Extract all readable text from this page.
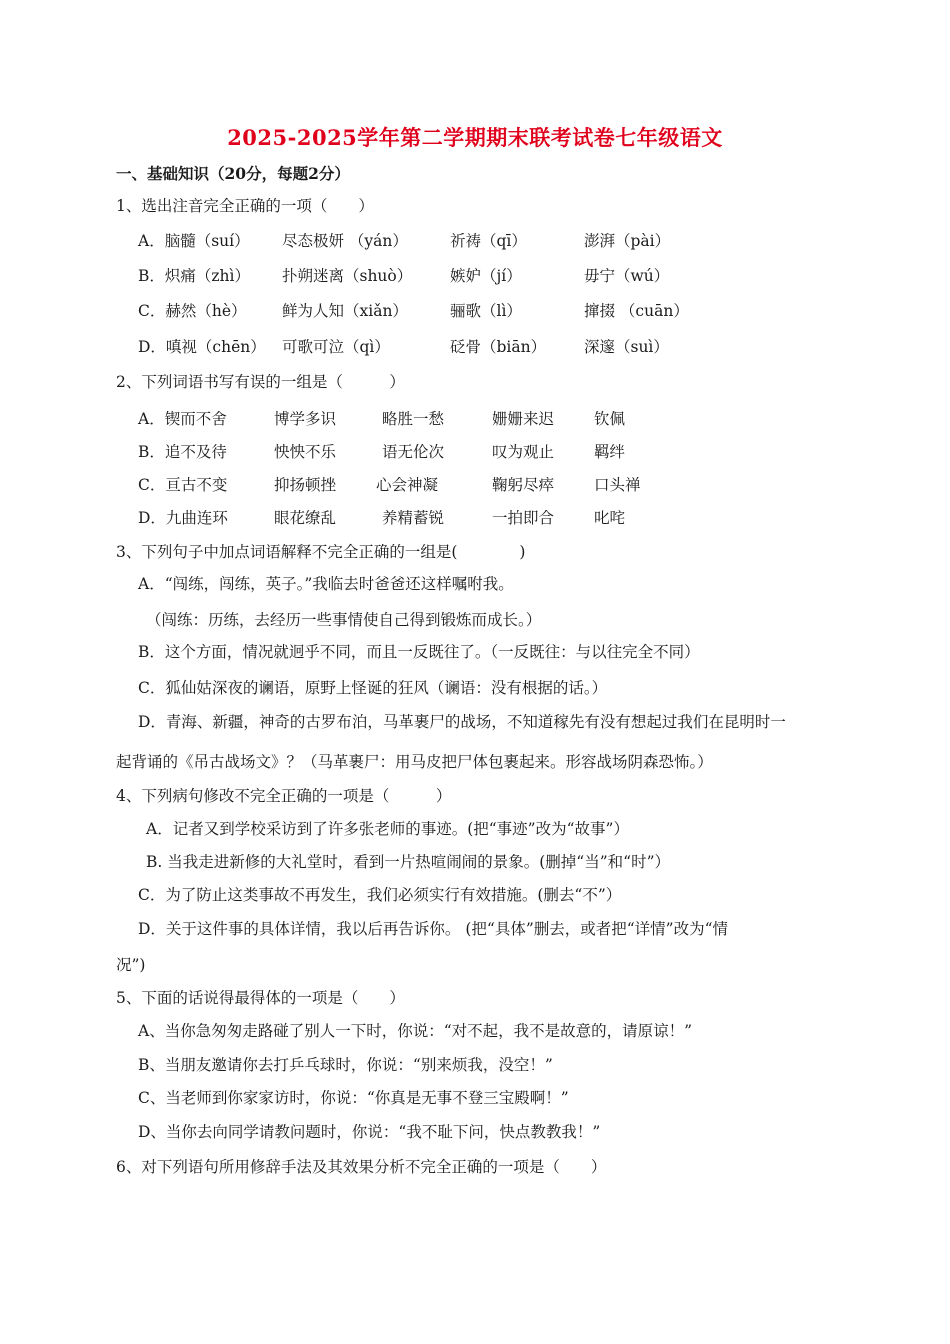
2025-2025学年第二学期期末联考试卷七年级语文
一、基础知识（20分，每题2分）
1、选出注音完全正确的一项（　　）
A．脑髓（suí） 尽态极妍 （yán）	祈祷（qī）	澎湃（pài）
B．炽痛（zhì） 扑朔迷离（shuò） 嫉妒（jí）	毋宁（wú）
C．赫然（hè） 鲜为人知（xiǎn）	骊歌（lì）	撺掇 （cuān）
D．嗔视（chēn） 可歌可泣（qì）	砭骨（biān） 深邃（suì）
2、下列词语书写有误的一组是（　　　）
A．锲而不舍	博学多识	略胜一愁	姗姗来迟	钦佩
B．追不及待	怏怏不乐	语无伦次	叹为观止	羁绊
C．亘古不变	抑扬顿挫	心会神凝	鞠躬尽瘁	口头禅
D．九曲连环	眼花缭乱	养精蓄锐	一拍即合	叱咤
3、下列句子中加点词语解释不完全正确的一组是(　　　　)
A．“闯练，闯练，英子。”我临去时爸爸还这样嘱咐我。
（闯练：历练，去经历一些事情使自己得到锻炼而成长。）
B．这个方面，情况就迥乎不同，而且一反既往了。（一反既往：与以往完全不同）
C．狐仙姑深夜的谰语，原野上怪诞的狂风（谰语：没有根据的话。）
D．青海、新疆，神奇的古罗布泊，马革裹尸的战场，不知道稼先有没有想起过我们在昆明时一
起背诵的《吊古战场文》？（马革裹尸：用马皮把尸体包裹起来。形容战场阴森恐怖。）
4、下列病句修改不完全正确的一项是（　　　）
A．记者又到学校采访到了许多张老师的事迹。(把“事迹”改为“故事”）
B. 当我走进新修的大礼堂时，看到一片热喧闹闹的景象。(删掉“当”和“时”）
C．为了防止这类事故不再发生，我们必须实行有效措施。(删去“不”）
D．关于这件事的具体详情，我以后再告诉你。 (把“具体”删去，或者把“详情”改为“情
况”)
5、下面的话说得最得体的一项是（　　）
A、当你急匆匆走路碰了别人一下时，你说：“对不起，我不是故意的，请原谅！”
B、当朋友邀请你去打乒乓球时，你说：“别来烦我，没空！”
C、当老师到你家家访时，你说：“你真是无事不登三宝殿啊！”
D、当你去向同学请教问题时，你说：“我不耻下问，快点教教我！”
6、对下列语句所用修辞手法及其效果分析不完全正确的一项是（　　）
